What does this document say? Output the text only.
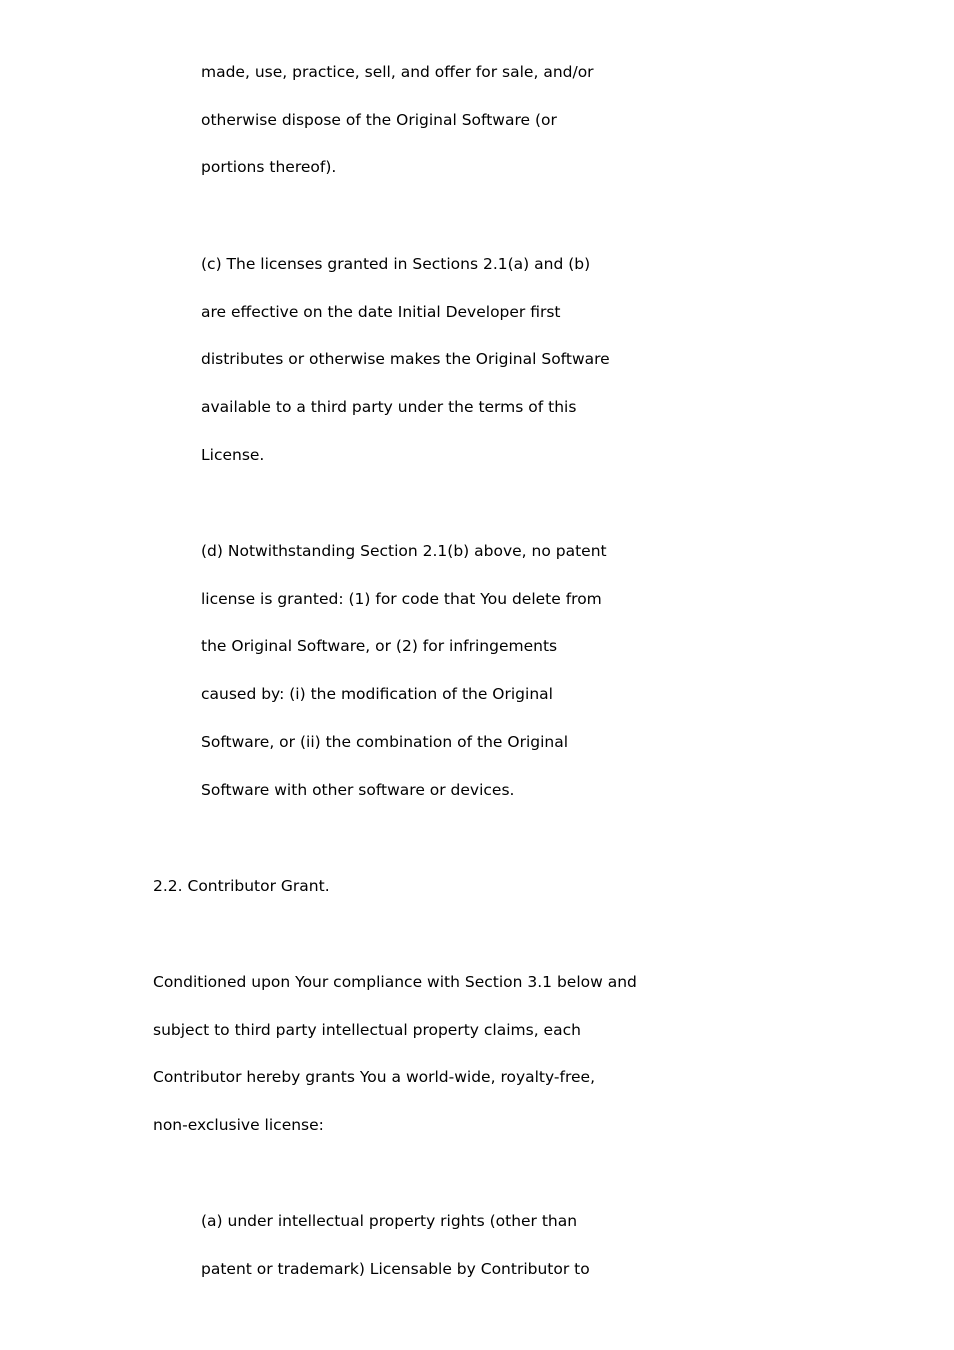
made, use, practice, sell, and offer for sale, and/or
otherwise dispose of the Original Software (or
portions thereof).
(c) The licenses granted in Sections 2.1(a) and (b)
are effective on the date Initial Developer first
distributes or otherwise makes the Original Software
available to a third party under the terms of this
License.
(d) Notwithstanding Section 2.1(b) above, no patent
license is granted: (1) for code that You delete from
the Original Software, or (2) for infringements
caused by: (i) the modification of the Original
Software, or (ii) the combination of the Original
Software with other software or devices.
2.2. Contributor Grant.
Conditioned upon Your compliance with Section 3.1 below and
subject to third party intellectual property claims, each
Contributor hereby grants You a world-wide, royalty-free,
non-exclusive license:
(a) under intellectual property rights (other than
patent or trademark) Licensable by Contributor to
